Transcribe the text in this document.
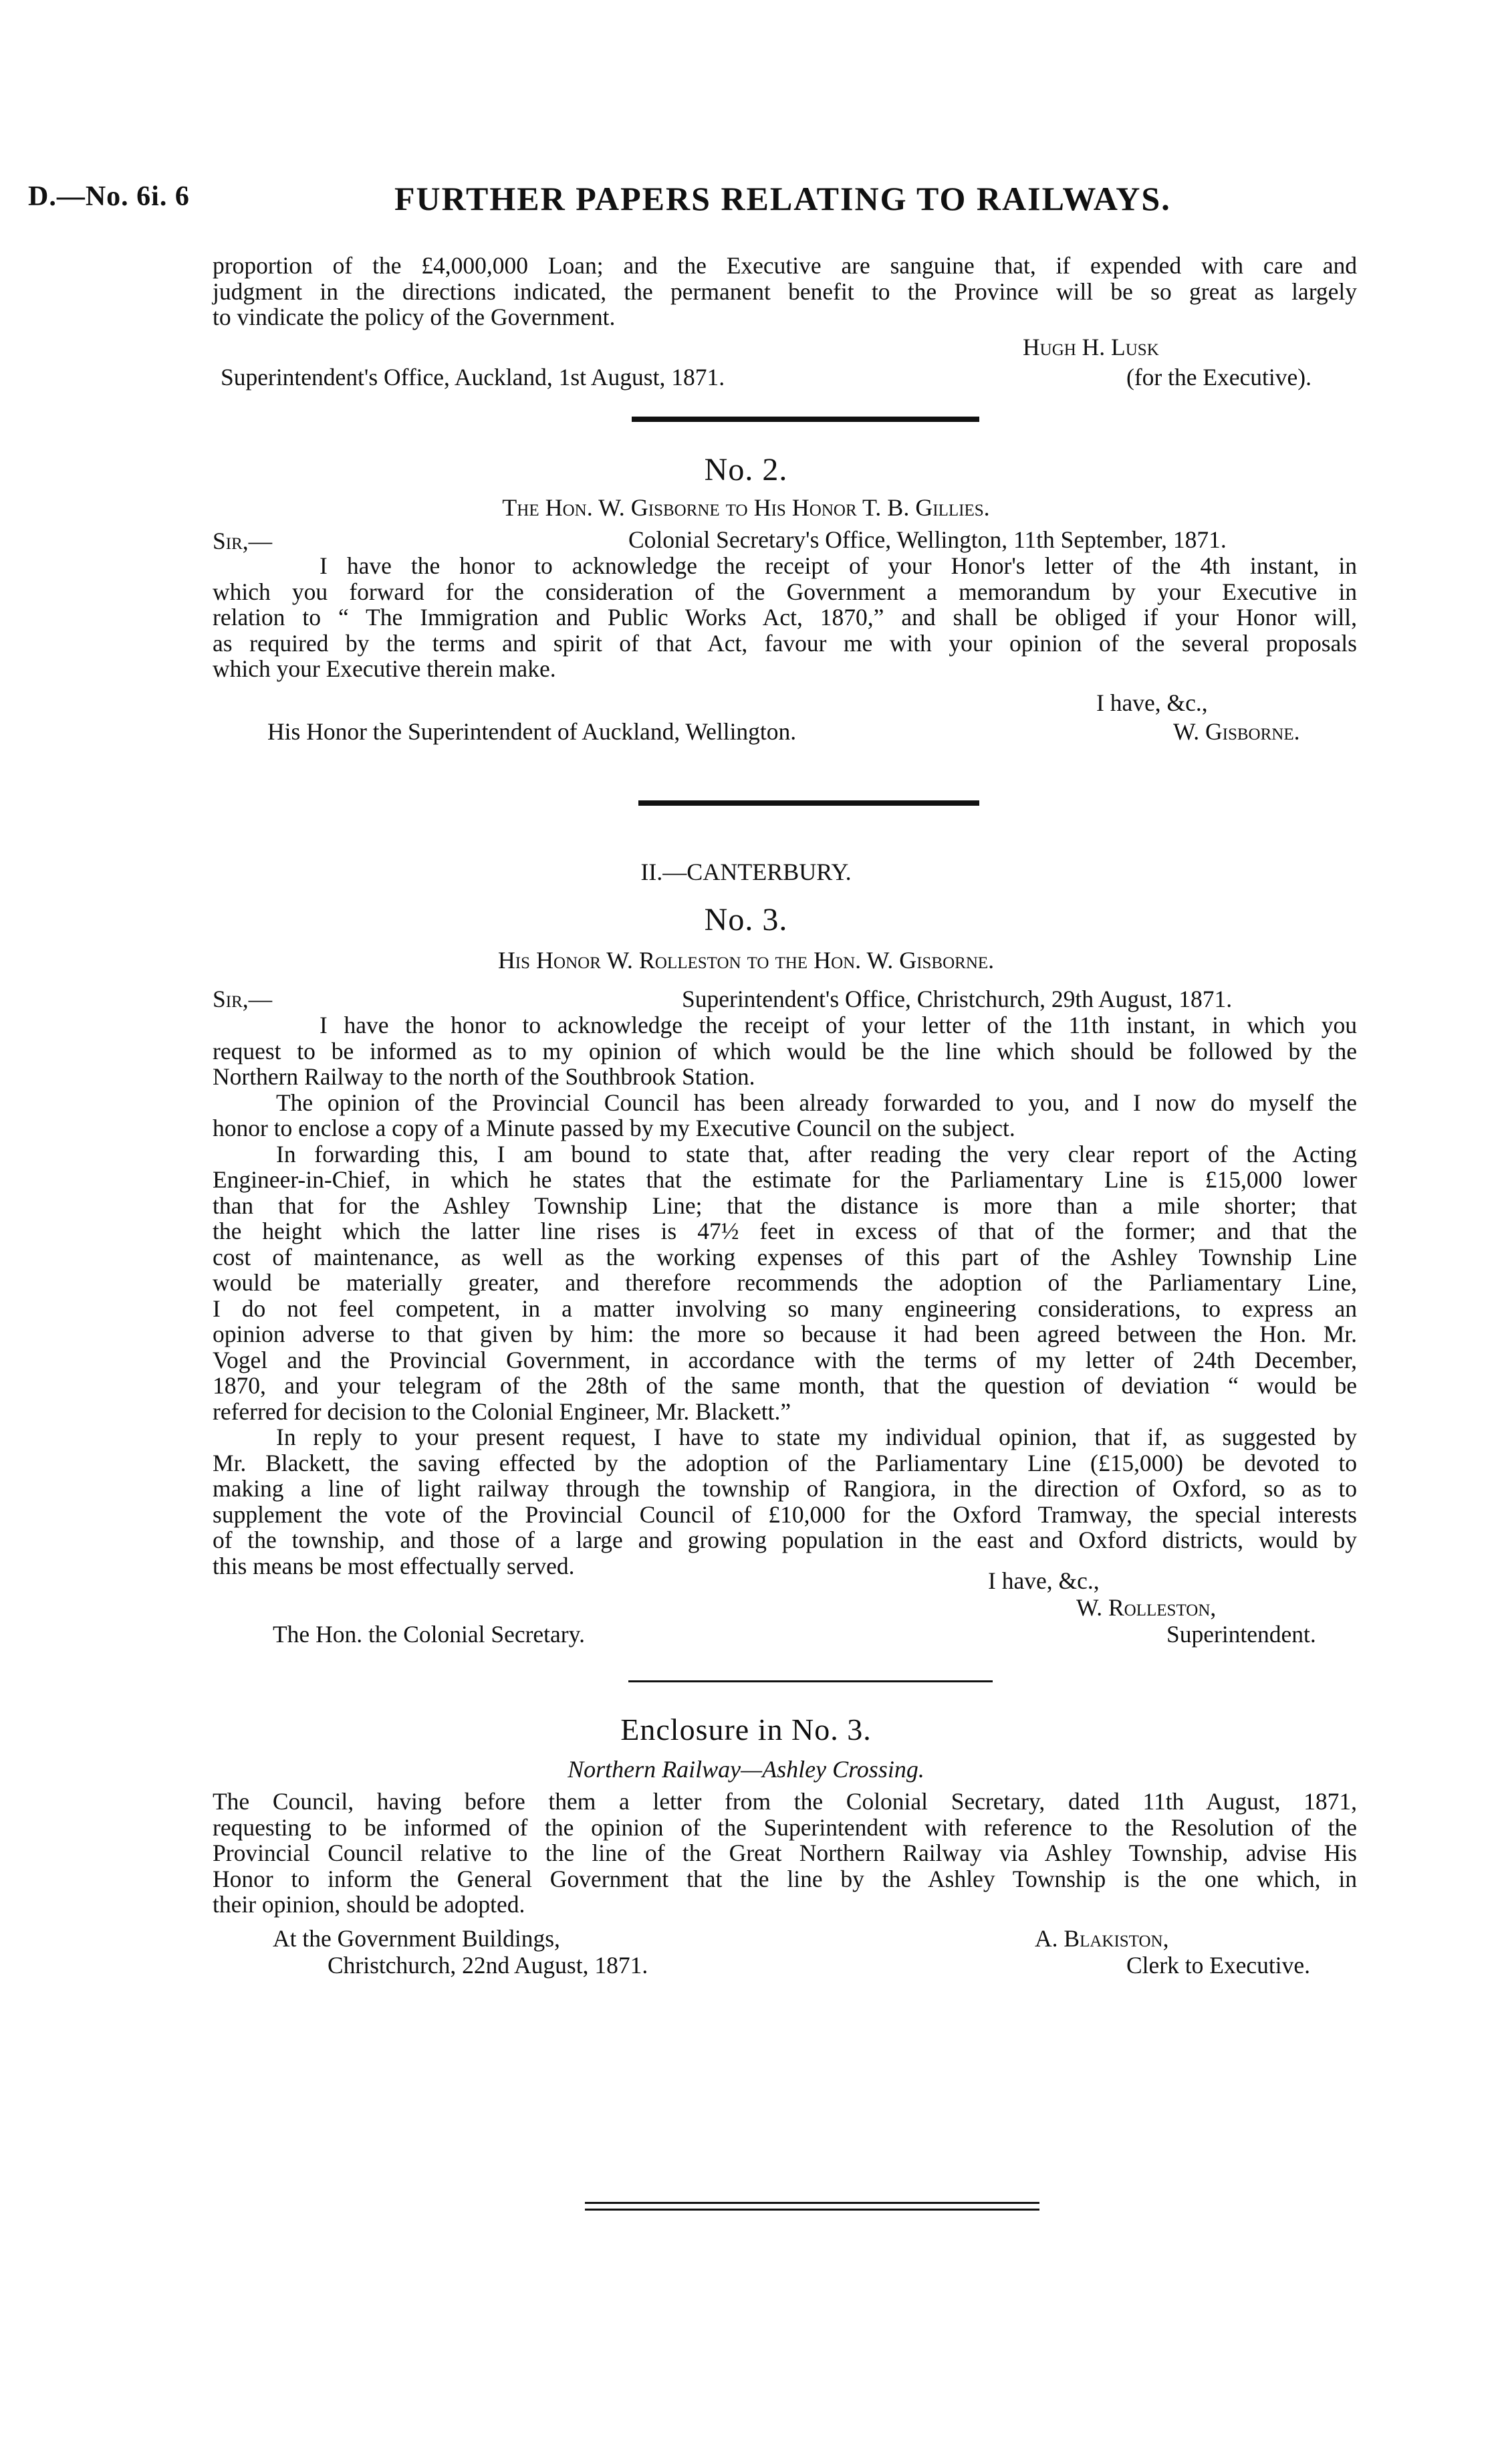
D.—No. 6i. 6	FURTHER PAPERS RELATING TO RAILWAYS.
proportion of the £4,000,000 Loan; and the Executive are sanguine that, if expended with care and
judgment in the directions indicated, the permanent benefit to the Province will be so great as largely
to vindicate the policy of the Government.
Hugh H. Lusk
Superintendent's Office, Auckland, 1st August, 1871.	(for the Executive).
No. 2.
The Hon. W. Gisborne to His Honor T. B. Gillies.
Sir,—	Colonial Secretary's Office, Wellington, 11th September, 1871.
I have the honor to acknowledge the receipt of your Honor's letter of the 4th instant, in
which you forward for the consideration of the Government a memorandum by your Executive in
relation to “ The Immigration and Public Works Act, 1870,” and shall be obliged if your Honor will,
as required by the terms and spirit of that Act, favour me with your opinion of the several proposals
which your Executive therein make.
I have, &c.,
His Honor the Superintendent of Auckland, Wellington.	W. Gisborne.
II.—CANTERBURY.
No. 3.
His Honor W. Rolleston to the Hon. W. Gisborne.
Sir,—	Superintendent's Office, Christchurch, 29th August, 1871.
I have the honor to acknowledge the receipt of your letter of the 11th instant, in which you
request to be informed as to my opinion of which would be the line which should be followed by the
Northern Railway to the north of the Southbrook Station.
The opinion of the Provincial Council has been already forwarded to you, and I now do myself the
honor to enclose a copy of a Minute passed by my Executive Council on the subject.
In forwarding this, I am bound to state that, after reading the very clear report of the Acting
Engineer-in-Chief, in which he states that the estimate for the Parliamentary Line is £15,000 lower
than that for the Ashley Township Line; that the distance is more than a mile shorter; that
the height which the latter line rises is 47½ feet in excess of that of the former; and that the
cost of maintenance, as well as the working expenses of this part of the Ashley Township Line
would be materially greater, and therefore recommends the adoption of the Parliamentary Line,
I do not feel competent, in a matter involving so many engineering considerations, to express an
opinion adverse to that given by him: the more so because it had been agreed between the Hon. Mr.
Vogel and the Provincial Government, in accordance with the terms of my letter of 24th December,
1870, and your telegram of the 28th of the same month, that the question of deviation “ would be
referred for decision to the Colonial Engineer, Mr. Blackett.”
In reply to your present request, I have to state my individual opinion, that if, as suggested by
Mr. Blackett, the saving effected by the adoption of the Parliamentary Line (£15,000) be devoted to
making a line of light railway through the township of Rangiora, in the direction of Oxford, so as to
supplement the vote of the Provincial Council of £10,000 for the Oxford Tramway, the special interests
of the township, and those of a large and growing population in the east and Oxford districts, would by
this means be most effectually served.
I have, &c.,
W. Rolleston,
The Hon. the Colonial Secretary.	Superintendent.
Enclosure in No. 3.
Northern Railway—Ashley Crossing.
The Council, having before them a letter from the Colonial Secretary, dated 11th August, 1871,
requesting to be informed of the opinion of the Superintendent with reference to the Resolution of the
Provincial Council relative to the line of the Great Northern Railway via Ashley Township, advise His
Honor to inform the General Government that the line by the Ashley Township is the one which, in
their opinion, should be adopted.
At the Government Buildings,	A. Blakiston,
Christchurch, 22nd August, 1871.	Clerk to Executive.
